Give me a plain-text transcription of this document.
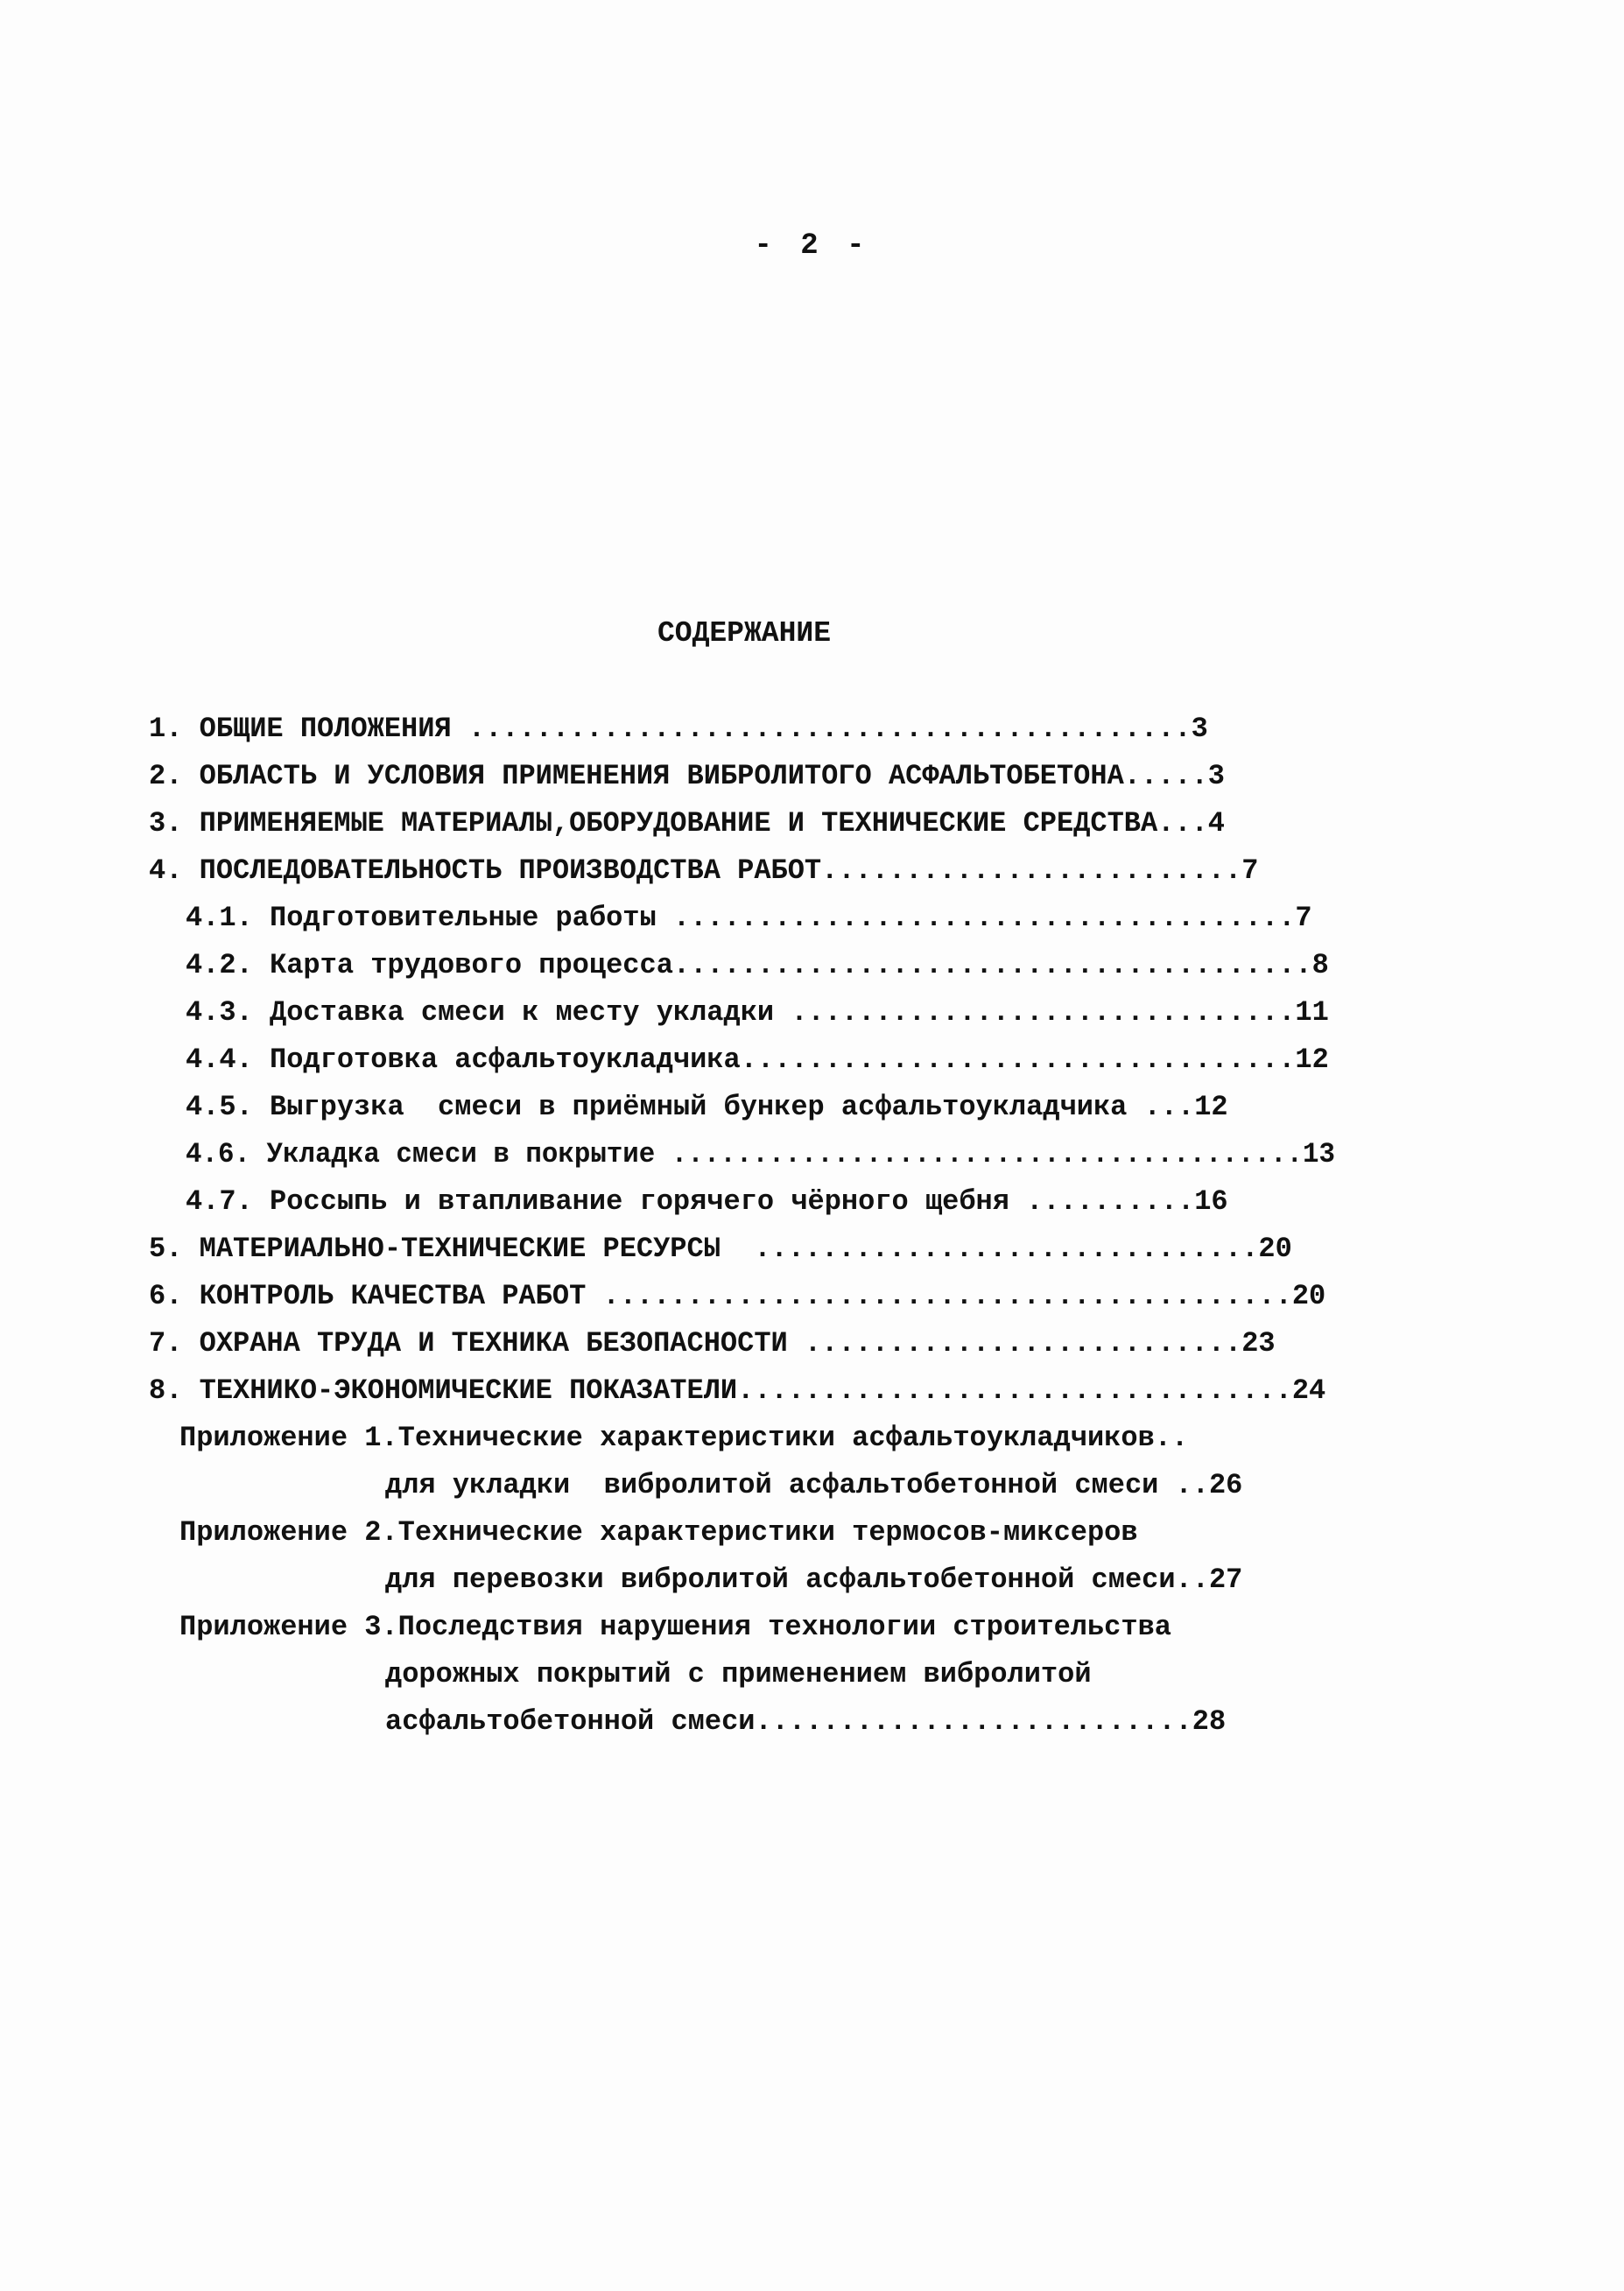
- 2 -
СОДЕРЖАНИЕ
1. ОБЩИЕ ПОЛОЖЕНИЯ ...........................................3
2. ОБЛАСТЬ И УСЛОВИЯ ПРИМЕНЕНИЯ ВИБРОЛИТОГО АСФАЛЬТОБЕТОНА.....3
3. ПРИМЕНЯЕМЫЕ МАТЕРИАЛЫ,ОБОРУДОВАНИЕ И ТЕХНИЧЕСКИЕ СРЕДСТВА...4
4. ПОСЛЕДОВАТЕЛЬНОСТЬ ПРОИЗВОДСТВА РАБОТ.........................7
4.1. Подготовительные работы .....................................7
4.2. Карта трудового процесса......................................8
4.3. Доставка смеси к месту укладки ..............................11
4.4. Подготовка асфальтоукладчика.................................12
4.5. Выгрузка  смеси в приёмный бункер асфальтоукладчика ...12
4.6. Укладка смеси в покрытие .......................................13
4.7. Россыпь и втапливание горячего чёрного щебня ..........16
5. МАТЕРИАЛЬНО-ТЕХНИЧЕСКИЕ РЕСУРСЫ  ..............................20
6. КОНТРОЛЬ КАЧЕСТВА РАБОТ .........................................20
7. ОХРАНА ТРУДА И ТЕХНИКА БЕЗОПАСНОСТИ ..........................23
8. ТЕХНИКО-ЭКОНОМИЧЕСКИЕ ПОКАЗАТЕЛИ.................................24
Приложение 1.Технические характеристики асфальтоукладчиков..
для укладки  вибролитой асфальтобетонной смеси ..26
Приложение 2.Технические характеристики термосов-миксеров
для перевозки вибролитой асфальтобетонной смеси..27
Приложение 3.Последствия нарушения технологии строительства
дорожных покрытий с применением вибролитой
асфальтобетонной смеси..........................28
